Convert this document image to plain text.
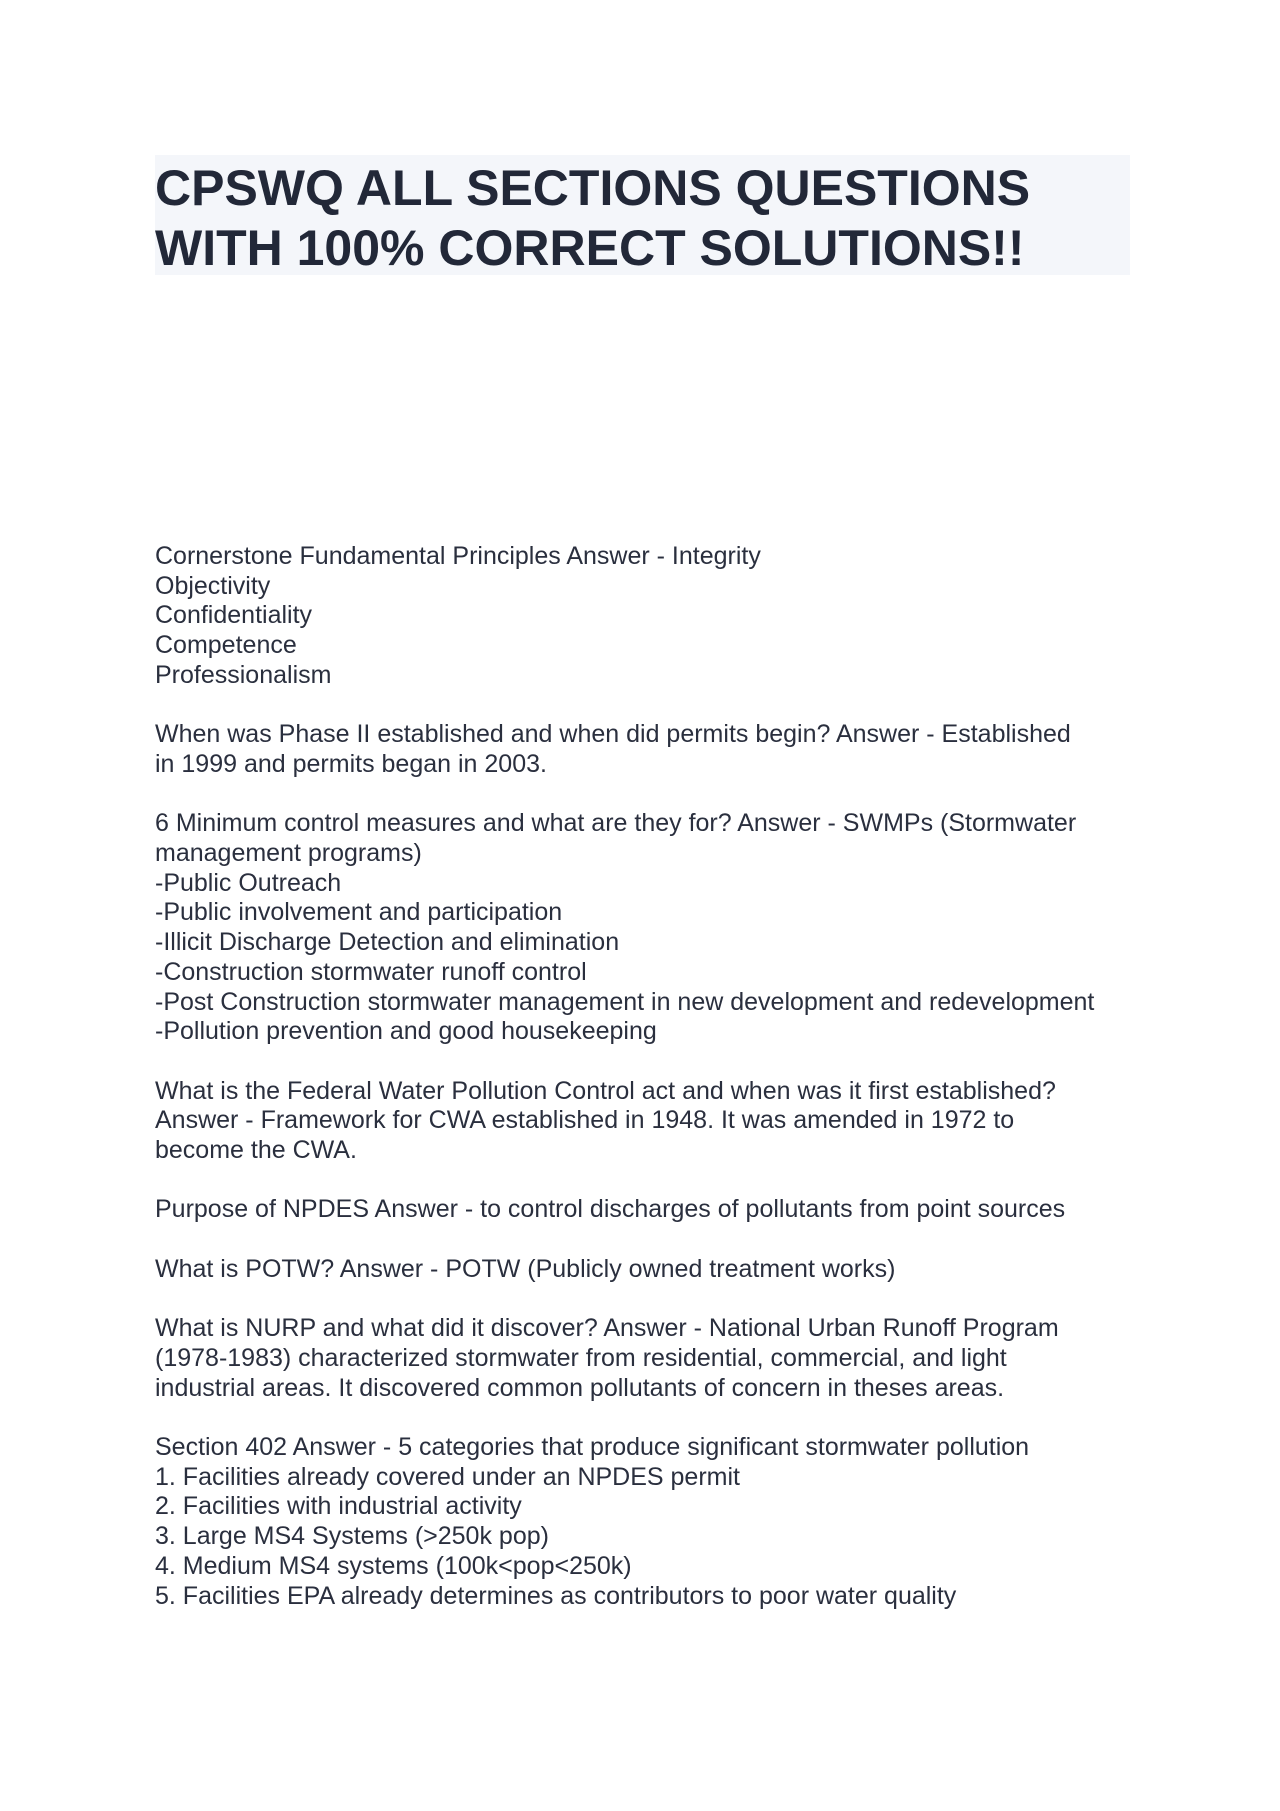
CPSWQ ALL SECTIONS QUESTIONS
WITH 100% CORRECT SOLUTIONS!!
Cornerstone Fundamental Principles Answer - Integrity
Objectivity
Confidentiality
Competence
Professionalism
When was Phase II established and when did permits begin? Answer - Established
in 1999 and permits began in 2003.
6 Minimum control measures and what are they for? Answer - SWMPs (Stormwater
management programs)
-Public Outreach
-Public involvement and participation
-Illicit Discharge Detection and elimination
-Construction stormwater runoff control
-Post Construction stormwater management in new development and redevelopment
-Pollution prevention and good housekeeping
What is the Federal Water Pollution Control act and when was it first established?
Answer - Framework for CWA established in 1948. It was amended in 1972 to
become the CWA.
Purpose of NPDES Answer - to control discharges of pollutants from point sources
What is POTW? Answer - POTW (Publicly owned treatment works)
What is NURP and what did it discover? Answer - National Urban Runoff Program
(1978-1983) characterized stormwater from residential, commercial, and light
industrial areas. It discovered common pollutants of concern in theses areas.
Section 402 Answer - 5 categories that produce significant stormwater pollution
1. Facilities already covered under an NPDES permit
2. Facilities with industrial activity
3. Large MS4 Systems (>250k pop)
4. Medium MS4 systems (100k<pop<250k)
5. Facilities EPA already determines as contributors to poor water quality
